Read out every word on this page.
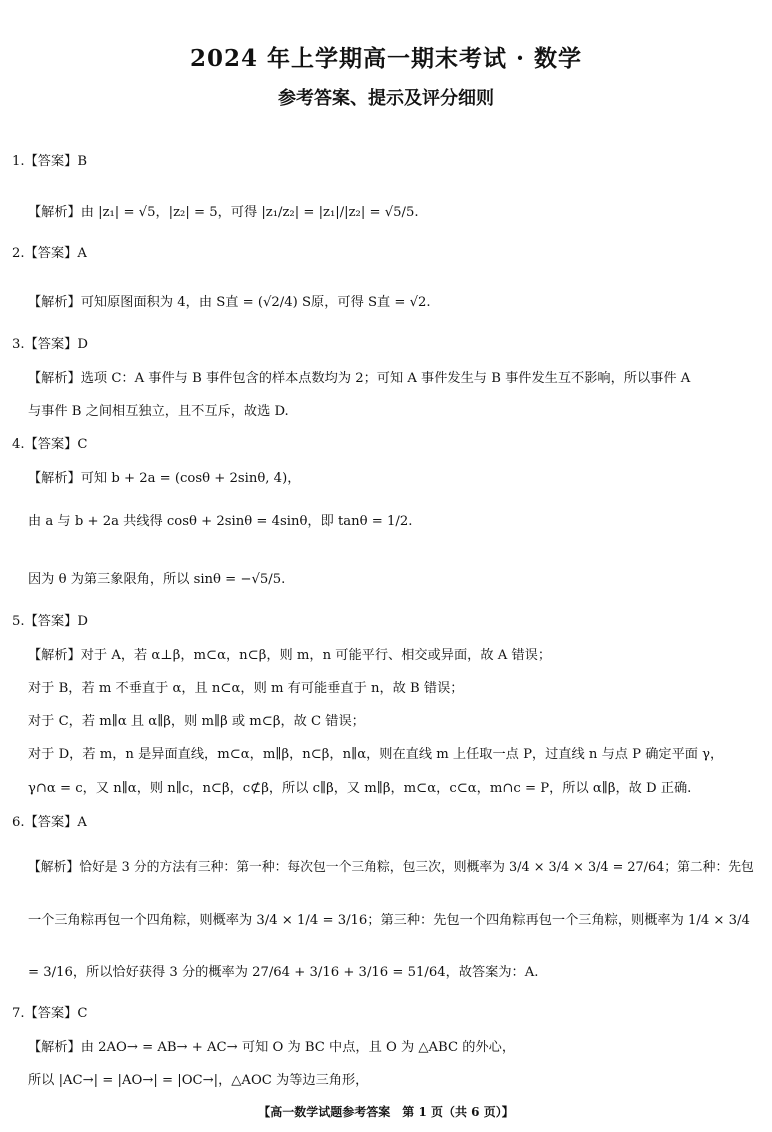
2024 年上学期高一期末考试 · 数学
参考答案、提示及评分细则
1.【答案】B
【解析】由 |z₁| = √5，|z₂| = 5，可得 |z₁/z₂| = |z₁|/|z₂| = √5/5.
2.【答案】A
【解析】可知原图面积为 4，由 S直 = (√2/4) S原，可得 S直 = √2.
3.【答案】D
【解析】选项 C：A 事件与 B 事件包含的样本点数均为 2；可知 A 事件发生与 B 事件发生互不影响，所以事件 A
与事件 B 之间相互独立，且不互斥，故选 D.
4.【答案】C
【解析】可知 b + 2a = (cosθ + 2sinθ, 4)，
由 a 与 b + 2a 共线得 cosθ + 2sinθ = 4sinθ，即 tanθ = 1/2.
因为 θ 为第三象限角，所以 sinθ = −√5/5.
5.【答案】D
【解析】对于 A，若 α⊥β，m⊂α，n⊂β，则 m，n 可能平行、相交或异面，故 A 错误；
对于 B，若 m 不垂直于 α，且 n⊂α，则 m 有可能垂直于 n，故 B 错误；
对于 C，若 m∥α 且 α∥β，则 m∥β 或 m⊂β，故 C 错误；
对于 D，若 m，n 是异面直线，m⊂α，m∥β，n⊂β，n∥α，则在直线 m 上任取一点 P，过直线 n 与点 P 确定平面 γ，
γ∩α = c，又 n∥α，则 n∥c，n⊂β，c⊄β，所以 c∥β，又 m∥β，m⊂α，c⊂α，m∩c = P，所以 α∥β，故 D 正确.
6.【答案】A
【解析】恰好是 3 分的方法有三种：第一种：每次包一个三角粽，包三次，则概率为 3/4 × 3/4 × 3/4 = 27/64；第二种：先包
一个三角粽再包一个四角粽，则概率为 3/4 × 1/4 = 3/16；第三种：先包一个四角粽再包一个三角粽，则概率为 1/4 × 3/4
= 3/16，所以恰好获得 3 分的概率为 27/64 + 3/16 + 3/16 = 51/64，故答案为：A.
7.【答案】C
【解析】由 2AO→ = AB→ + AC→ 可知 O 为 BC 中点，且 O 为 △ABC 的外心，
所以 |AC→| = |AO→| = |OC→|，△AOC 为等边三角形，
【高一数学试题参考答案　第 1 页（共 6 页）】
